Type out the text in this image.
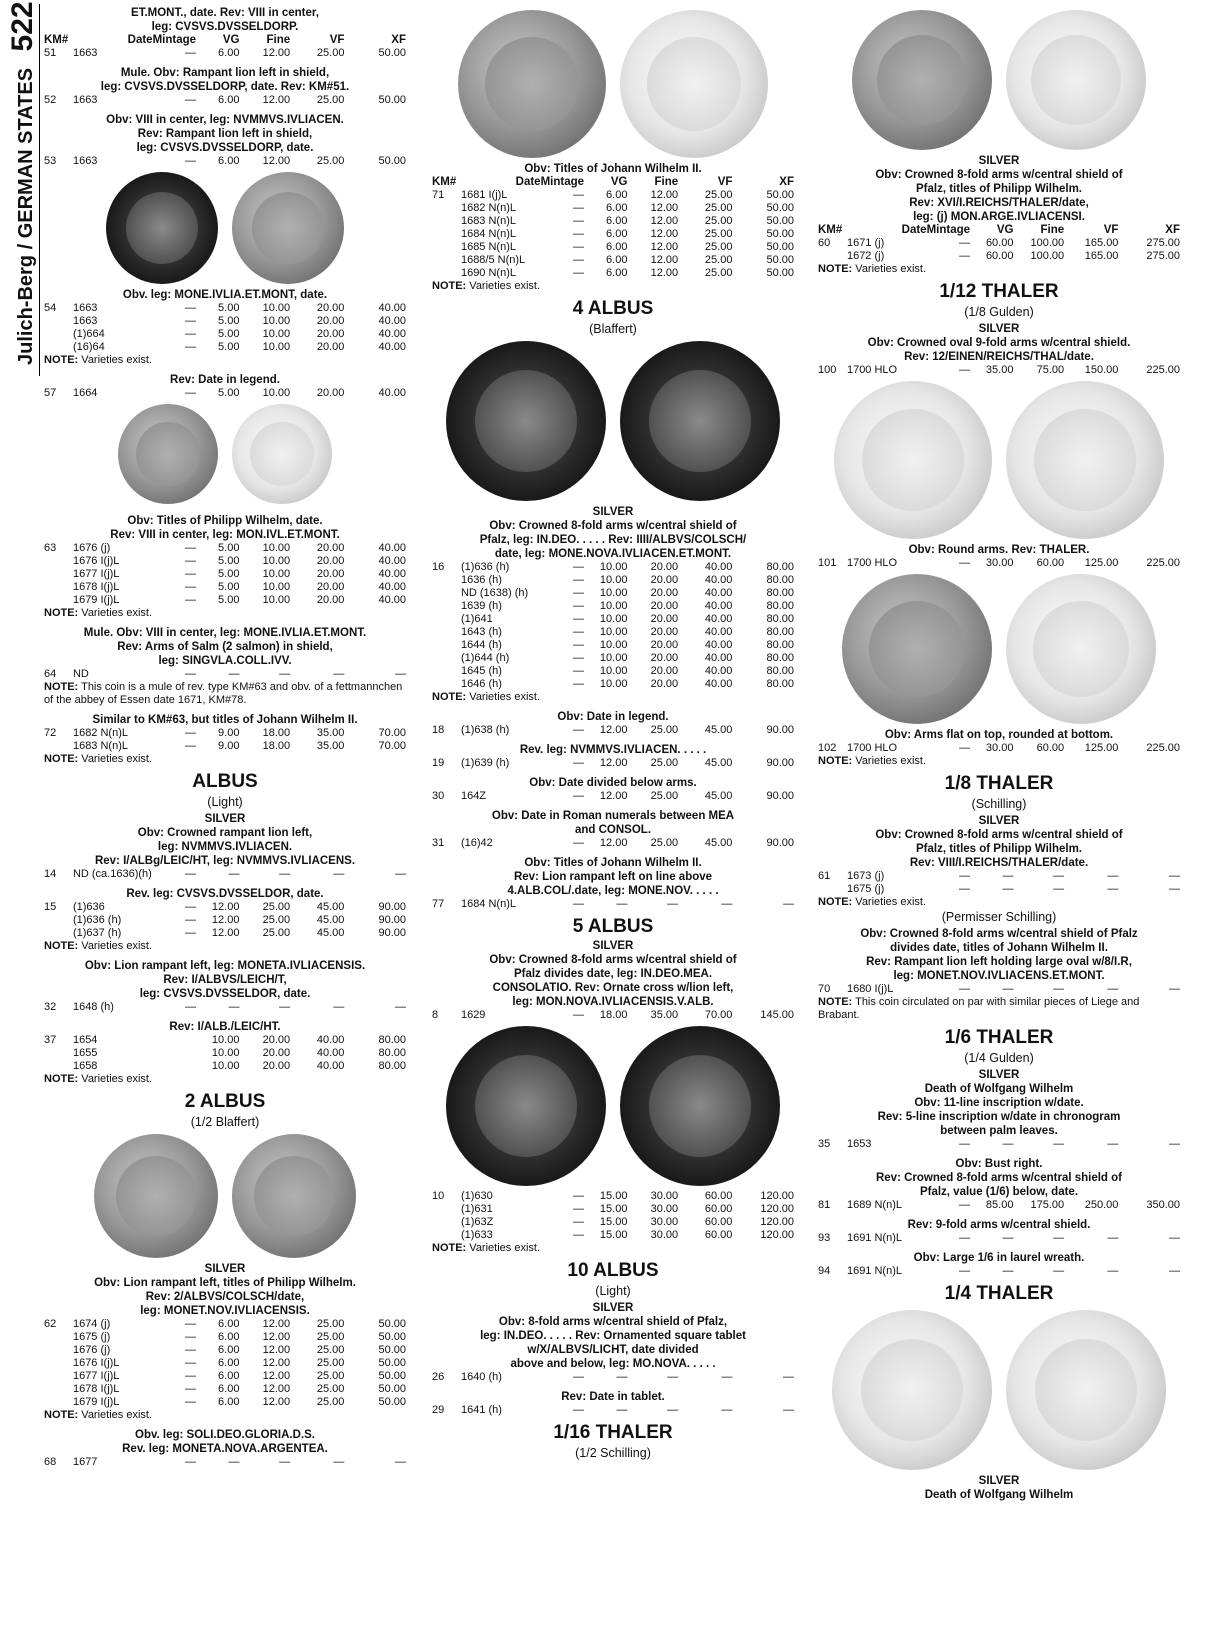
Julich-Berg / GERMAN STATES 522	ET.MONT., date. Rev: VIII in center,
leg: CVSVS.DVSSELDORP.
KM#	Date	Mintage	VG	Fine	VF	XF
51	1663	—	6.00	12.00	25.00	50.00
Mule. Obv: Rampant lion left in shield,
leg: CVSVS.DVSSELDORP, date. Rev: KM#51.
52	1663	—	6.00	12.00	25.00	50.00
Obv: VIII in center, leg: NVMMVS.IVLIACEN.
Rev: Rampant lion left in shield,
leg: CVSVS.DVSSELDORP, date.
53	1663	—	6.00	12.00	25.00	50.00
Obv. leg: MONE.IVLIA.ET.MONT, date.
54	1663	—	5.00	10.00	20.00	40.00
	1663	—	5.00	10.00	20.00	40.00
	(1)664	—	5.00	10.00	20.00	40.00
	(16)64	—	5.00	10.00	20.00	40.00
NOTE: Varieties exist.
Rev: Date in legend.
57	1664	—	5.00	10.00	20.00	40.00
Obv: Titles of Philipp Wilhelm, date.
Rev: VIII in center, leg: MON.IVL.ET.MONT.
63	1676 (j)	—	5.00	10.00	20.00	40.00
	1676 I(j)L	—	5.00	10.00	20.00	40.00
	1677 I(j)L	—	5.00	10.00	20.00	40.00
	1678 I(j)L	—	5.00	10.00	20.00	40.00
	1679 I(j)L	—	5.00	10.00	20.00	40.00
NOTE: Varieties exist.
Mule. Obv: VIII in center, leg: MONE.IVLIA.ET.MONT.
Rev: Arms of Salm (2 salmon) in shield,
leg: SINGVLA.COLL.IVV.
64	ND	—	—	—	—	—
NOTE: This coin is a mule of rev. type KM#63 and obv. of a fettmannchen of the abbey of Essen date 1671, KM#78.
Similar to KM#63, but titles of Johann Wilhelm II.
72	1682 N(n)L	—	9.00	18.00	35.00	70.00
	1683 N(n)L	—	9.00	18.00	35.00	70.00
NOTE: Varieties exist.
ALBUS
(Light)
SILVER
Obv: Crowned rampant lion left,
leg: NVMMVS.IVLIACEN.
Rev: I/ALBg/LEIC/HT, leg: NVMMVS.IVLIACENS.
14	ND (ca.1636)(h)	—	—	—	—	—
Rev. leg: CVSVS.DVSSELDOR, date.
15	(1)636	—	12.00	25.00	45.00	90.00
	(1)636 (h)	—	12.00	25.00	45.00	90.00
	(1)637 (h)	—	12.00	25.00	45.00	90.00
NOTE: Varieties exist.
Obv: Lion rampant left, leg: MONETA.IVLIACENSIS.
Rev: I/ALBVS/LEICH/T,
leg: CVSVS.DVSSELDOR, date.
32	1648 (h)	—	—	—	—	—
Rev: I/ALB./LEIC/HT.
37	1654		10.00	20.00	40.00	80.00
	1655		10.00	20.00	40.00	80.00
	1658		10.00	20.00	40.00	80.00
NOTE: Varieties exist.
2 ALBUS
(1/2 Blaffert)
SILVER
Obv: Lion rampant left, titles of Philipp Wilhelm.
Rev: 2/ALBVS/COLSCH/date,
leg: MONET.NOV.IVLIACENSIS.
62	1674 (j)	—	6.00	12.00	25.00	50.00
	1675 (j)	—	6.00	12.00	25.00	50.00
	1676 (j)	—	6.00	12.00	25.00	50.00
	1676 I(j)L	—	6.00	12.00	25.00	50.00
	1677 I(j)L	—	6.00	12.00	25.00	50.00
	1678 I(j)L	—	6.00	12.00	25.00	50.00
	1679 I(j)L	—	6.00	12.00	25.00	50.00
NOTE: Varieties exist.
Obv. leg: SOLI.DEO.GLORIA.D.S.
Rev. leg: MONETA.NOVA.ARGENTEA.
68	1677	—	—	—	—	—
Obv: Titles of Johann Wilhelm II.
KM#	Date	Mintage	VG	Fine	VF	XF
71	1681 I(j)L	—	6.00	12.00	25.00	50.00
	1682 N(n)L	—	6.00	12.00	25.00	50.00
	1683 N(n)L	—	6.00	12.00	25.00	50.00
	1684 N(n)L	—	6.00	12.00	25.00	50.00
	1685 N(n)L	—	6.00	12.00	25.00	50.00
	1688/5 N(n)L	—	6.00	12.00	25.00	50.00
	1690 N(n)L	—	6.00	12.00	25.00	50.00
NOTE: Varieties exist.
4 ALBUS
(Blaffert)
SILVER
Obv: Crowned 8-fold arms w/central shield of
Pfalz, leg: IN.DEO. . . . . Rev: IIII/ALBVS/COLSCH/
date, leg: MONE.NOVA.IVLIACEN.ET.MONT.
16	(1)636 (h)	—	10.00	20.00	40.00	80.00
	1636 (h)	—	10.00	20.00	40.00	80.00
	ND (1638) (h)	—	10.00	20.00	40.00	80.00
	1639 (h)	—	10.00	20.00	40.00	80.00
	(1)641	—	10.00	20.00	40.00	80.00
	1643 (h)	—	10.00	20.00	40.00	80.00
	1644 (h)	—	10.00	20.00	40.00	80.00
	(1)644 (h)	—	10.00	20.00	40.00	80.00
	1645 (h)	—	10.00	20.00	40.00	80.00
	1646 (h)	—	10.00	20.00	40.00	80.00
NOTE: Varieties exist.
Obv: Date in legend.
18	(1)638 (h)	—	12.00	25.00	45.00	90.00
Rev. leg: NVMMVS.IVLIACEN. . . . .
19	(1)639 (h)	—	12.00	25.00	45.00	90.00
Obv: Date divided below arms.
30	164Z	—	12.00	25.00	45.00	90.00
Obv: Date in Roman numerals between MEA
and CONSOL.
31	(16)42	—	12.00	25.00	45.00	90.00
Obv: Titles of Johann Wilhelm II.
Rev: Lion rampant left on line above
4.ALB.COL/.date, leg: MONE.NOV. . . . .
77	1684 N(n)L	—	—	—	—	—
5 ALBUS
SILVER
Obv: Crowned 8-fold arms w/central shield of
Pfalz divides date, leg: IN.DEO.MEA.
CONSOLATIO. Rev: Ornate cross w/lion left,
leg: MON.NOVA.IVLIACENSIS.V.ALB.
8	1629	—	18.00	35.00	70.00	145.00
10	(1)630	—	15.00	30.00	60.00	120.00
	(1)631	—	15.00	30.00	60.00	120.00
	(1)63Z	—	15.00	30.00	60.00	120.00
	(1)633	—	15.00	30.00	60.00	120.00
NOTE: Varieties exist.
10 ALBUS
(Light)
SILVER
Obv: 8-fold arms w/central shield of Pfalz,
leg: IN.DEO. . . . . Rev: Ornamented square tablet
w/X/ALBVS/LICHT, date divided
above and below, leg: MO.NOVA. . . . .
26	1640 (h)	—	—	—	—	—
Rev: Date in tablet.
29	1641 (h)	—	—	—	—	—
1/16 THALER
(1/2 Schilling)
SILVER
Obv: Crowned 8-fold arms w/central shield of
Pfalz, titles of Philipp Wilhelm.
Rev: XVI/I.REICHS/THALER/date,
leg: (j) MON.ARGE.IVLIACENSI.
KM#	Date	Mintage	VG	Fine	VF	XF
60	1671 (j)	—	60.00	100.00	165.00	275.00
	1672 (j)	—	60.00	100.00	165.00	275.00
NOTE: Varieties exist.
1/12 THALER
(1/8 Gulden)
SILVER
Obv: Crowned oval 9-fold arms w/central shield.
Rev: 12/EINEN/REICHS/THAL/date.
100	1700 HLO	—	35.00	75.00	150.00	225.00
Obv: Round arms. Rev: THALER.
101	1700 HLO	—	30.00	60.00	125.00	225.00
Obv: Arms flat on top, rounded at bottom.
102	1700 HLO	—	30.00	60.00	125.00	225.00
NOTE: Varieties exist.
1/8 THALER
(Schilling)
SILVER
Obv: Crowned 8-fold arms w/central shield of
Pfalz, titles of Philipp Wilhelm.
Rev: VIII/I.REICHS/THALER/date.
61	1673 (j)	—	—	—	—	—
	1675 (j)	—	—	—	—	—
NOTE: Varieties exist.
(Permisser Schilling)
Obv: Crowned 8-fold arms w/central shield of Pfalz
divides date, titles of Johann Wilhelm II.
Rev: Rampant lion left holding large oval w/8/I.R,
leg: MONET.NOV.IVLIACENS.ET.MONT.
70	1680 I(j)L	—	—	—	—	—
NOTE: This coin circulated on par with similar pieces of Liege and Brabant.
1/6 THALER
(1/4 Gulden)
SILVER
Death of Wolfgang Wilhelm
Obv: 11-line inscription w/date.
Rev: 5-line inscription w/date in chronogram
between palm leaves.
35	1653	—	—	—	—	—
Obv: Bust right.
Rev: Crowned 8-fold arms w/central shield of
Pfalz, value (1/6) below, date.
81	1689 N(n)L	—	85.00	175.00	250.00	350.00
Rev: 9-fold arms w/central shield.
93	1691 N(n)L	—	—	—	—	—
Obv: Large 1/6 in laurel wreath.
94	1691 N(n)L	—	—	—	—	—
1/4 THALER
SILVER
Death of Wolfgang Wilhelm
